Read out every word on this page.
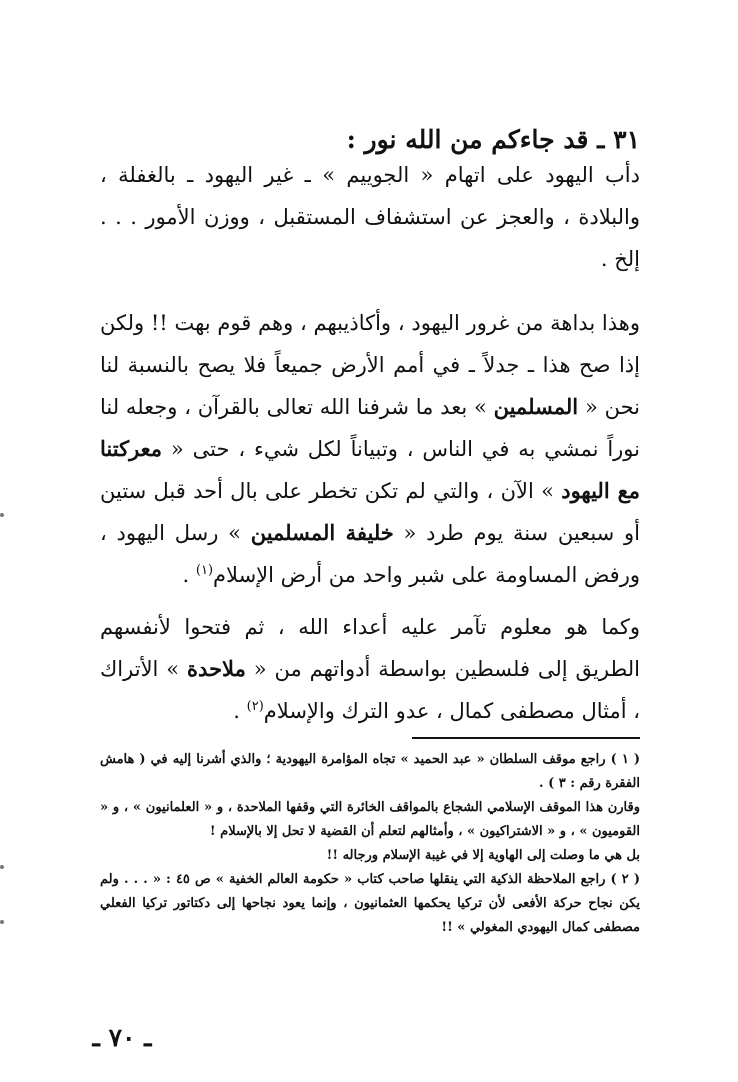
٣١ ـ قد جاءكم من الله نور :

دأب اليهود على اتهام « الجوييم » ـ غير اليهود ـ بالغفلة ، والبلادة ، والعجز عن استشفاف المستقبل ، ووزن الأمور . . . إلخ .

وهذا بداهة من غرور اليهود ، وأكاذيبهم ، وهم قوم بهت !! ولكن إذا صح هذا ـ جدلاً ـ في أمم الأرض جميعاً فلا يصح بالنسبة لنا نحن « المسلمين » بعد ما شرفنا الله تعالى بالقرآن ، وجعله لنا نوراً نمشي به في الناس ، وتبياناً لكل شيء ، حتى « معركتنا مع اليهود » الآن ، والتي لم تكن تخطر على بال أحد قبل ستين أو سبعين سنة يوم طرد « خليفة المسلمين » رسل اليهود ، ورفض المساومة على شبر واحد من أرض الإسلام$^{(١)}$ .

وكما هو معلوم تآمر عليه أعداء الله ، ثم فتحوا لأنفسهم الطريق إلى فلسطين بواسطة أدواتهم من « ملاحدة » الأتراك ، أمثال مصطفى كمال ، عدو الترك والإسلام$^{(٢)}$ .

( ١ ) راجع موقف السلطان « عبد الحميد » تجاه المؤامرة اليهودية ؛ والذي أشرنا إليه في ( هامش الفقرة رقم : ٣ ) .

وقارن هذا الموقف الإسلامي الشجاع بالمواقف الخائرة التي وقفها الملاحدة ، و « العلمانيون » ، و « القوميون » ، و « الاشتراكيون » ، وأمثالهم لتعلم أن القضية لا تحل إلا بالإسلام !

بل هي ما وصلت إلى الهاوية إلا في غيبة الإسلام ورجاله !!

( ٢ ) راجع الملاحظة الذكية التي ينقلها صاحب كتاب « حكومة العالم الخفية » ص ٤٥ : « . . . ولم يكن نجاح حركة الأفعى لأن تركيا يحكمها العثمانيون ، وإنما يعود نجاحها إلى دكتاتور تركيا الفعلي مصطفى كمال اليهودي المغولي » !!

ـ ٧٠ ـ
